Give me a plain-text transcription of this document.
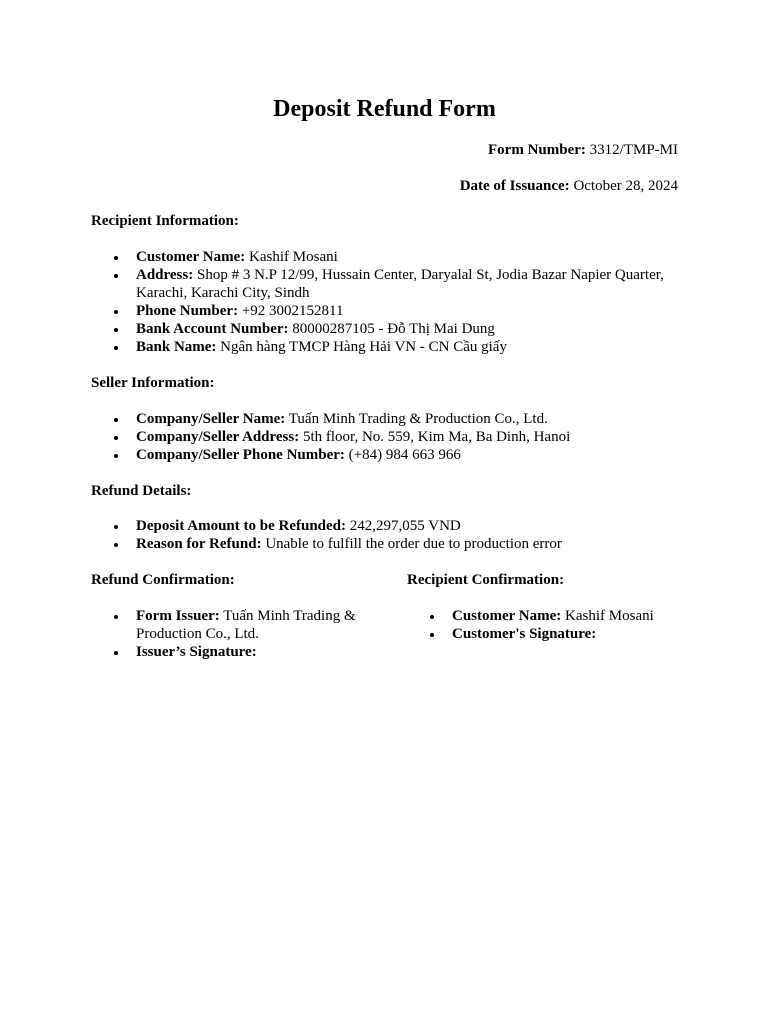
Deposit Refund Form

Form Number: 3312/TMP-MI

Date of Issuance: October 28, 2024

Recipient Information:

Customer Name: Kashif Mosani
Address: Shop # 3 N.P 12/99, Hussain Center, Daryalal St, Jodia Bazar Napier Quarter, Karachi, Karachi City, Sindh
Phone Number: +92 3002152811
Bank Account Number: 80000287105 - Đỗ Thị Mai Dung
Bank Name: Ngân hàng TMCP Hàng Hải VN - CN Cầu giấy

Seller Information:

Company/Seller Name: Tuấn Minh Trading & Production Co., Ltd.
Company/Seller Address: 5th floor, No. 559, Kim Ma, Ba Dinh, Hanoi
Company/Seller Phone Number: (+84) 984 663 966

Refund Details:

Deposit Amount to be Refunded: 242,297,055 VND
Reason for Refund: Unable to fulfill the order due to production error

Refund Confirmation:

Form Issuer: Tuấn Minh Trading & Production Co., Ltd.
Issuer’s Signature:

Recipient Confirmation:

Customer Name: Kashif Mosani
Customer's Signature:
